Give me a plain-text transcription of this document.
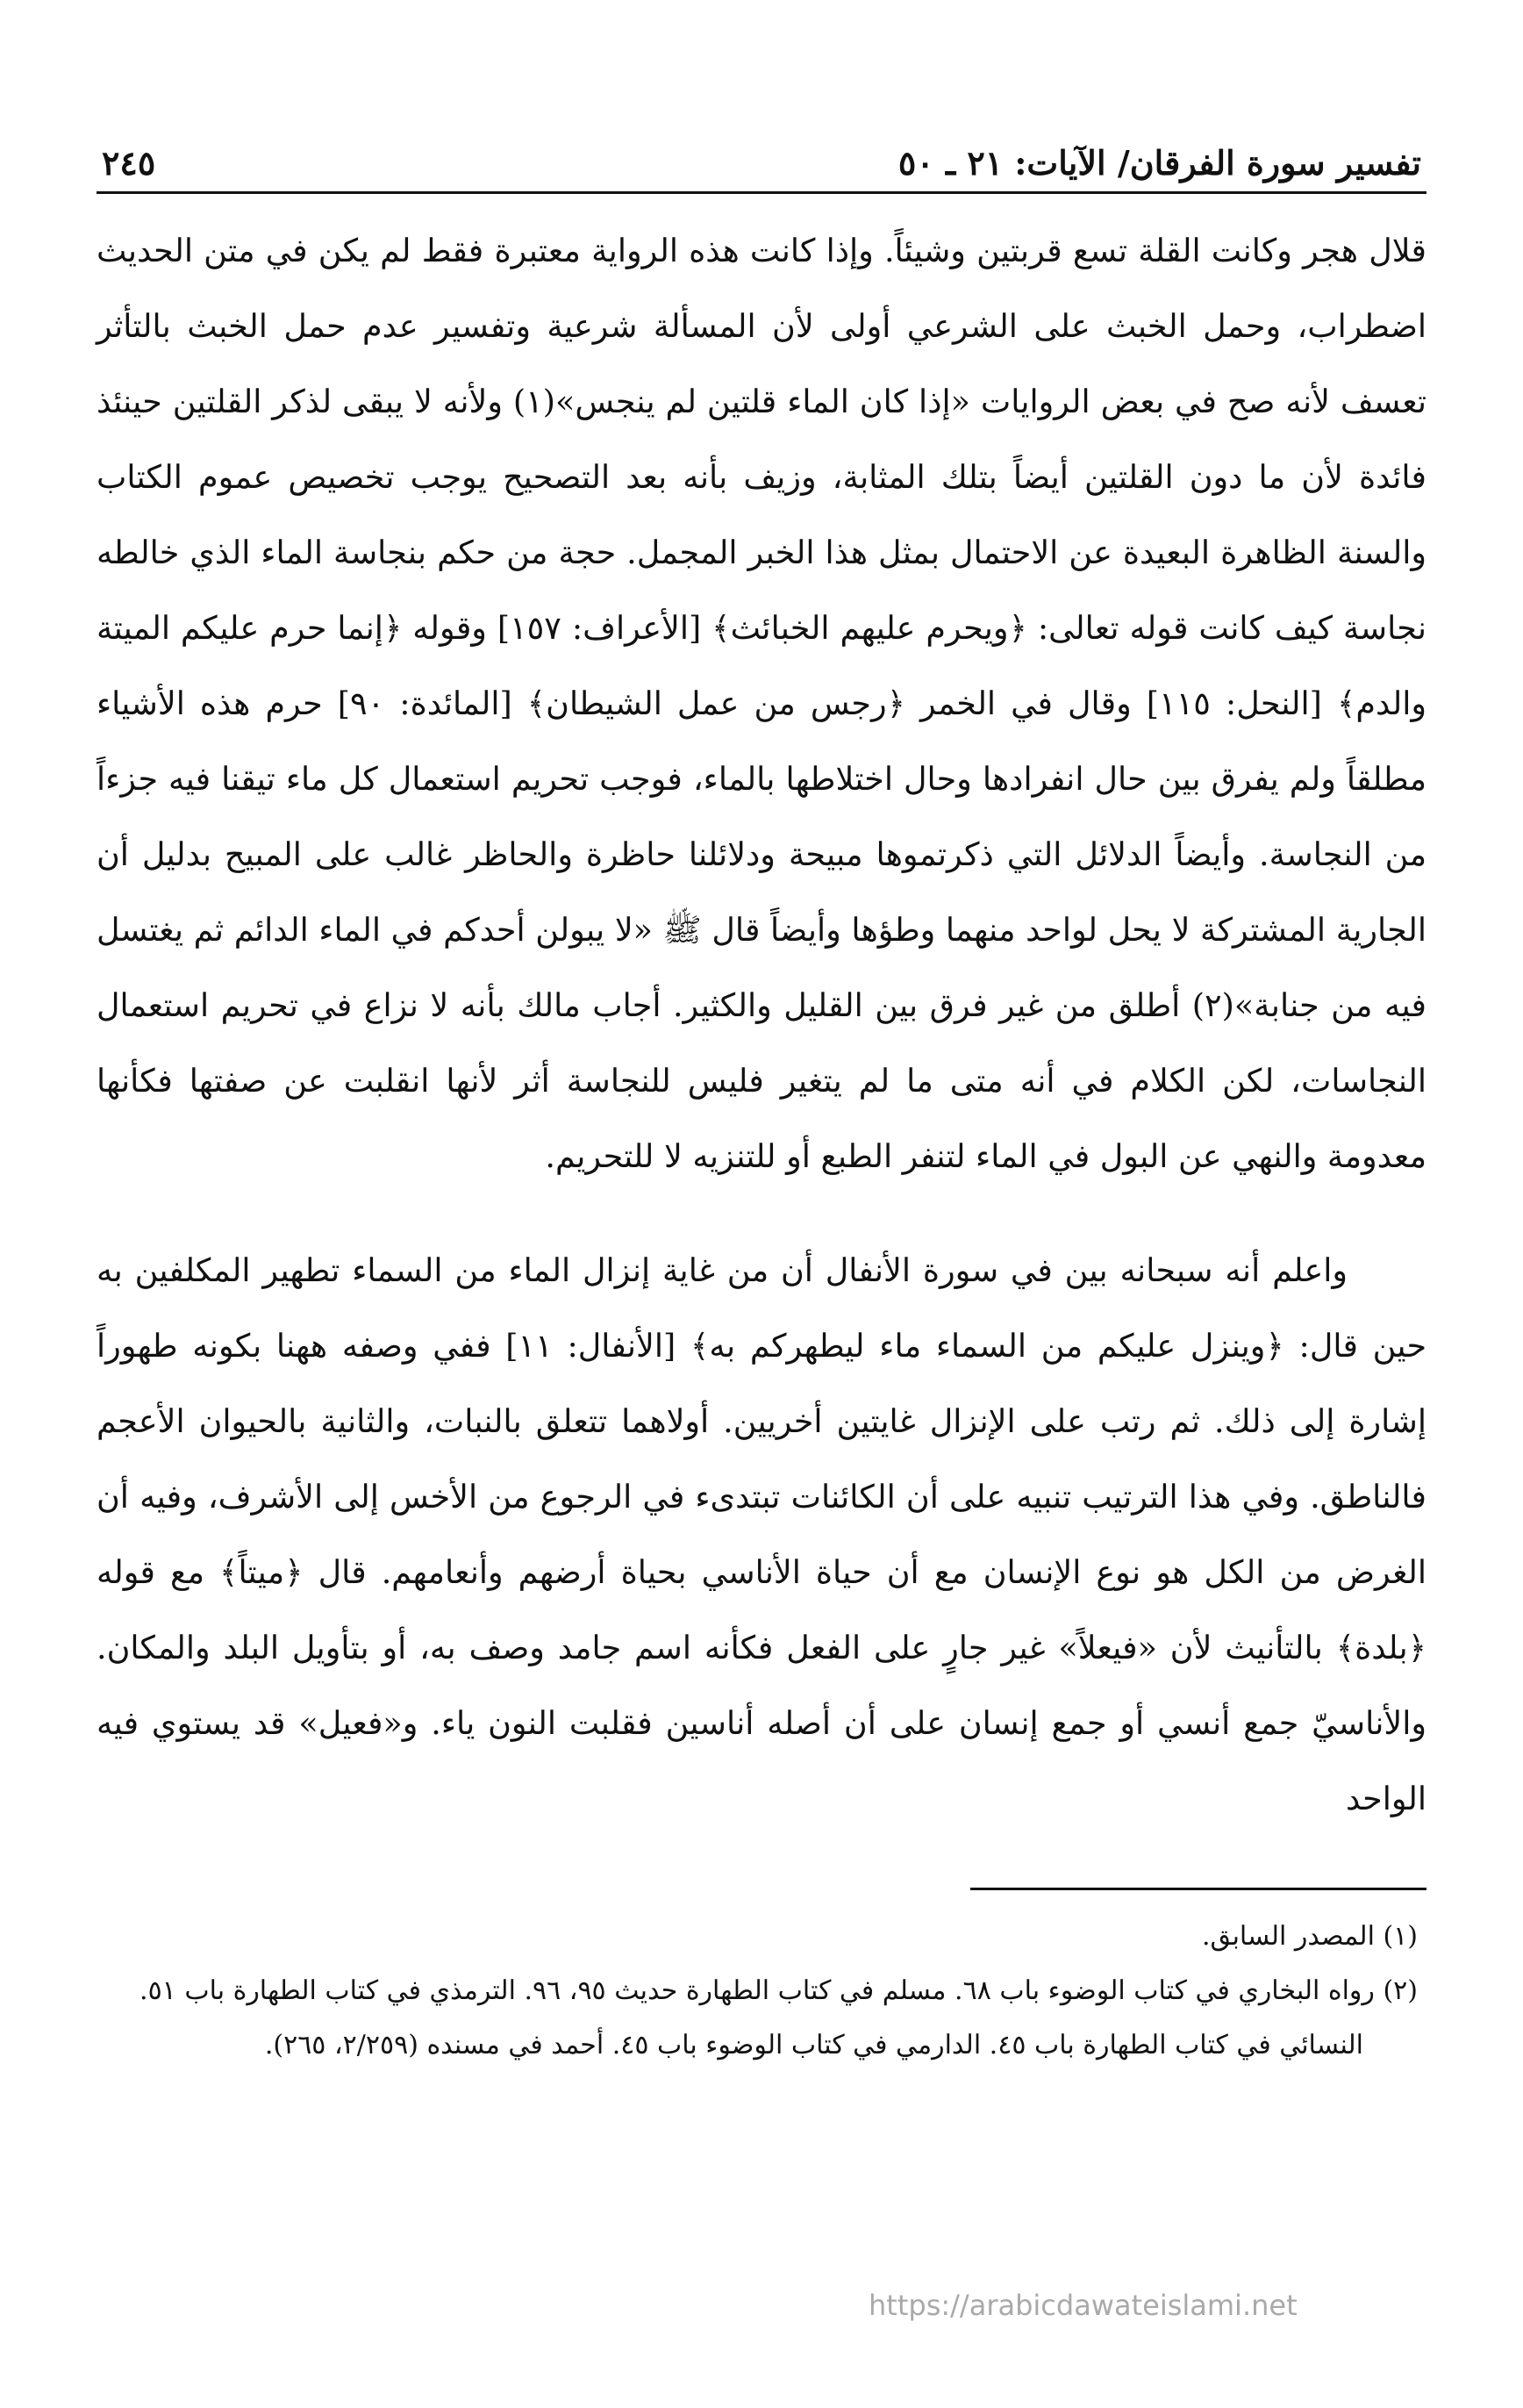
تفسير سورة الفرقان/ الآيات: ٢١ ـ ٥٠
٢٤٥

قلال هجر وكانت القلة تسع قربتين وشيئاً. وإذا كانت هذه الرواية معتبرة فقط لم يكن في متن الحديث اضطراب، وحمل الخبث على الشرعي أولى لأن المسألة شرعية وتفسير عدم حمل الخبث بالتأثر تعسف لأنه صح في بعض الروايات «إذا كان الماء قلتين لم ينجس»(١) ولأنه لا يبقى لذكر القلتين حينئذ فائدة لأن ما دون القلتين أيضاً بتلك المثابة، وزيف بأنه بعد التصحيح يوجب تخصيص عموم الكتاب والسنة الظاهرة البعيدة عن الاحتمال بمثل هذا الخبر المجمل. حجة من حكم بنجاسة الماء الذي خالطه نجاسة كيف كانت قوله تعالى: ﴿ويحرم عليهم الخبائث﴾ [الأعراف: ١٥٧] وقوله ﴿إنما حرم عليكم الميتة والدم﴾ [النحل: ١١٥] وقال في الخمر ﴿رجس من عمل الشيطان﴾ [المائدة: ٩٠] حرم هذه الأشياء مطلقاً ولم يفرق بين حال انفرادها وحال اختلاطها بالماء، فوجب تحريم استعمال كل ماء تيقنا فيه جزءاً من النجاسة. وأيضاً الدلائل التي ذكرتموها مبيحة ودلائلنا حاظرة والحاظر غالب على المبيح بدليل أن الجارية المشتركة لا يحل لواحد منهما وطؤها وأيضاً قال ﷺ «لا يبولن أحدكم في الماء الدائم ثم يغتسل فيه من جنابة»(٢) أطلق من غير فرق بين القليل والكثير. أجاب مالك بأنه لا نزاع في تحريم استعمال النجاسات، لكن الكلام في أنه متى ما لم يتغير فليس للنجاسة أثر لأنها انقلبت عن صفتها فكأنها معدومة والنهي عن البول في الماء لتنفر الطبع أو للتنزيه لا للتحريم.

واعلم أنه سبحانه بين في سورة الأنفال أن من غاية إنزال الماء من السماء تطهير المكلفين به حين قال: ﴿وينزل عليكم من السماء ماء ليطهركم به﴾ [الأنفال: ١١] ففي وصفه ههنا بكونه طهوراً إشارة إلى ذلك. ثم رتب على الإنزال غايتين أخريين. أولاهما تتعلق بالنبات، والثانية بالحيوان الأعجم فالناطق. وفي هذا الترتيب تنبيه على أن الكائنات تبتدىء في الرجوع من الأخس إلى الأشرف، وفيه أن الغرض من الكل هو نوع الإنسان مع أن حياة الأناسي بحياة أرضهم وأنعامهم. قال ﴿ميتاً﴾ مع قوله ﴿بلدة﴾ بالتأنيث لأن «فيعلاً» غير جارٍ على الفعل فكأنه اسم جامد وصف به، أو بتأويل البلد والمكان. والأناسيّ جمع أنسي أو جمع إنسان على أن أصله أناسين فقلبت النون ياء. و«فعيل» قد يستوي فيه الواحد

(١) المصدر السابق.

(٢) رواه البخاري في كتاب الوضوء باب ٦٨. مسلم في كتاب الطهارة حديث ٩٥، ٩٦. الترمذي في كتاب الطهارة باب ٥١. النسائي في كتاب الطهارة باب ٤٥. الدارمي في كتاب الوضوء باب ٤٥. أحمد في مسنده (٢/٢٥٩، ٢٦٥).

https://arabicdawateislami.net
